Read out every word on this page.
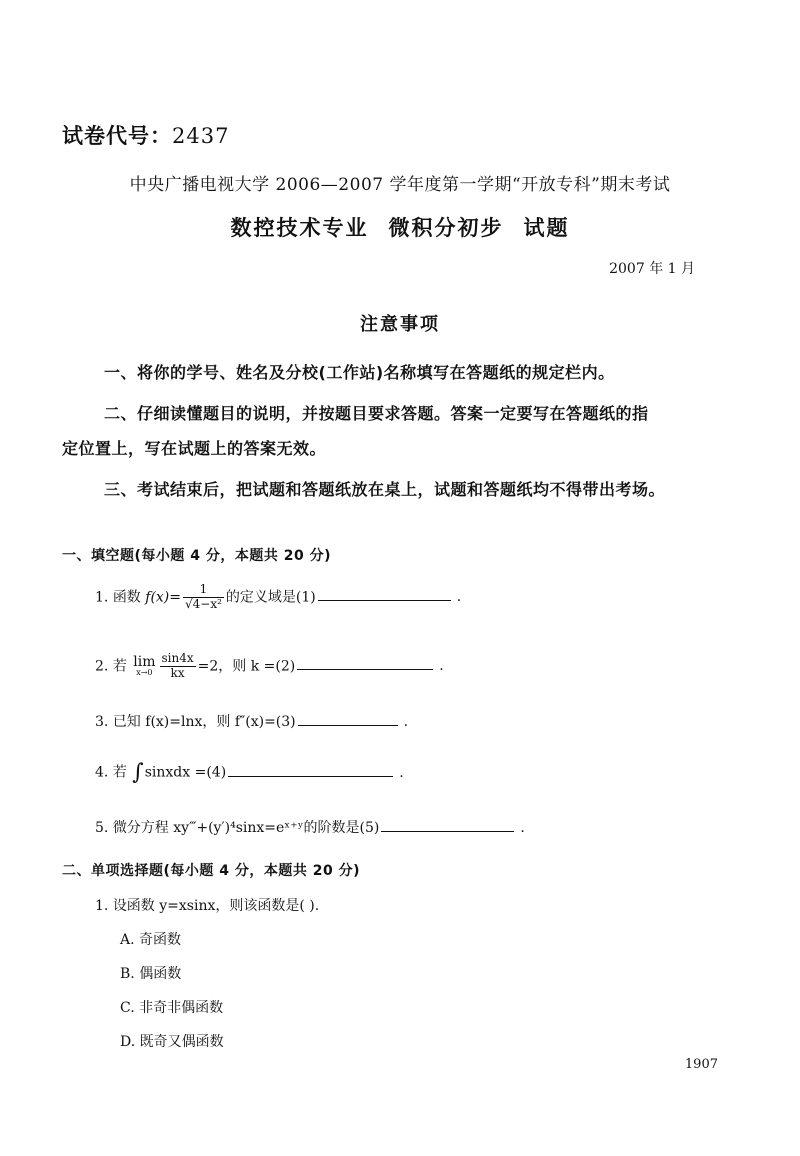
试卷代号：2437
中央广播电视大学 2006—2007 学年度第一学期“开放专科”期末考试
数控技术专业 微积分初步 试题
2007 年 1 月
注意事项
一、将你的学号、姓名及分校(工作站)名称填写在答题纸的规定栏内。
二、仔细读懂题目的说明，并按题目要求答题。答案一定要写在答题纸的指
定位置上，写在试题上的答案无效。
三、考试结束后，把试题和答题纸放在桌上，试题和答题纸均不得带出考场。
一、填空题(每小题 4 分，本题共 20 分)
1. 函数 $f(x)= \frac{1}{\text{√4−x²}}$ 的定义域是(1)	.
2. 若 lim
$x\to 0 \frac{\sin 4x}{kx} =2$，则 k =(2)	.
3. 已知 f(x)=lnx，则 f″(x)=(3)	.
4. 若 ∫sinxdx =(4)	.
5. 微分方程 xy‴+(y′)⁴sinx=eˣ⁺ʸ的阶数是(5)	.
二、单项选择题(每小题 4 分，本题共 20 分)
1. 设函数 y=xsinx，则该函数是( ).
A. 奇函数
B. 偶函数
C. 非奇非偶函数
D. 既奇又偶函数
1907
